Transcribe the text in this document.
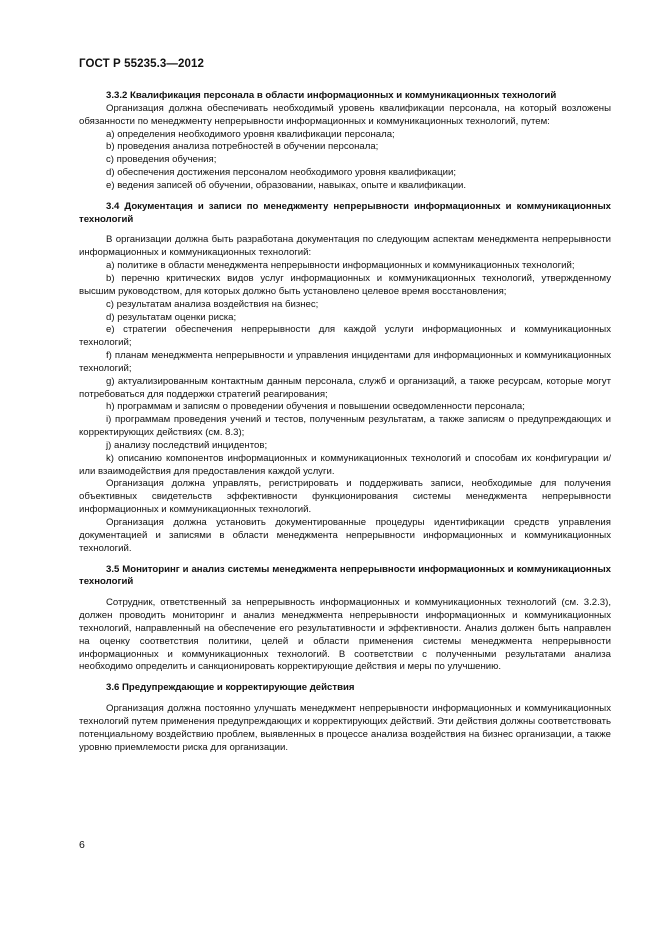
ГОСТ Р 55235.3—2012

3.3.2 Квалификация персонала в области информационных и коммуникационных технологий

Организация должна обеспечивать необходимый уровень квалификации персонала, на который возложены обязанности по менеджменту непрерывности информационных и коммуникационных технологий, путем:

a) определения необходимого уровня квалификации персонала;

b) проведения анализа потребностей в обучении персонала;

c) проведения обучения;

d) обеспечения достижения персоналом необходимого уровня квалификации;

e) ведения записей об обучении, образовании, навыках, опыте и квалификации.

3.4 Документация и записи по менеджменту непрерывности информационных и коммуникационных технологий

В организации должна быть разработана документация по следующим аспектам менеджмента непрерывности информационных и коммуникационных технологий:

a) политике в области менеджмента непрерывности информационных и коммуникационных технологий;

b) перечню критических видов услуг информационных и коммуникационных технологий, утвержденному высшим руководством, для которых должно быть установлено целевое время восстановления;

c) результатам анализа воздействия на бизнес;

d) результатам оценки риска;

e) стратегии обеспечения непрерывности для каждой услуги информационных и коммуникационных технологий;

f) планам менеджмента непрерывности и управления инцидентами для информационных и коммуникационных технологий;

g) актуализированным контактным данным персонала, служб и организаций, а также ресурсам, которые могут потребоваться для поддержки стратегий реагирования;

h) программам и записям о проведении обучения и повышении осведомленности персонала;

i) программам проведения учений и тестов, полученным результатам, а также записям о предупреждающих и корректирующих действиях (см. 8.3);

j) анализу последствий инцидентов;

k) описанию компонентов информационных и коммуникационных технологий и способам их конфигурации и/или взаимодействия для предоставления каждой услуги.

Организация должна управлять, регистрировать и поддерживать записи, необходимые для получения объективных свидетельств эффективности функционирования системы менеджмента непрерывности информационных и коммуникационных технологий.

Организация должна установить документированные процедуры идентификации средств управления документацией и записями в области менеджмента непрерывности информационных и коммуникационных технологий.

3.5 Мониторинг и анализ системы менеджмента непрерывности информационных и коммуникационных технологий

Сотрудник, ответственный за непрерывность информационных и коммуникационных технологий (см. 3.2.3), должен проводить мониторинг и анализ менеджмента непрерывности информационных и коммуникационных технологий, направленный на обеспечение его результативности и эффективности. Анализ должен быть направлен на оценку соответствия политики, целей и области применения системы менеджмента непрерывности информационных и коммуникационных технологий. В соответствии с полученными результатами анализа необходимо определить и санкционировать корректирующие действия и меры по улучшению.

3.6 Предупреждающие и корректирующие действия

Организация должна постоянно улучшать менеджмент непрерывности информационных и коммуникационных технологий путем применения предупреждающих и корректирующих действий. Эти действия должны соответствовать потенциальному воздействию проблем, выявленных в процессе анализа воздействия на бизнес организации, а также уровню приемлемости риска для организации.

6
